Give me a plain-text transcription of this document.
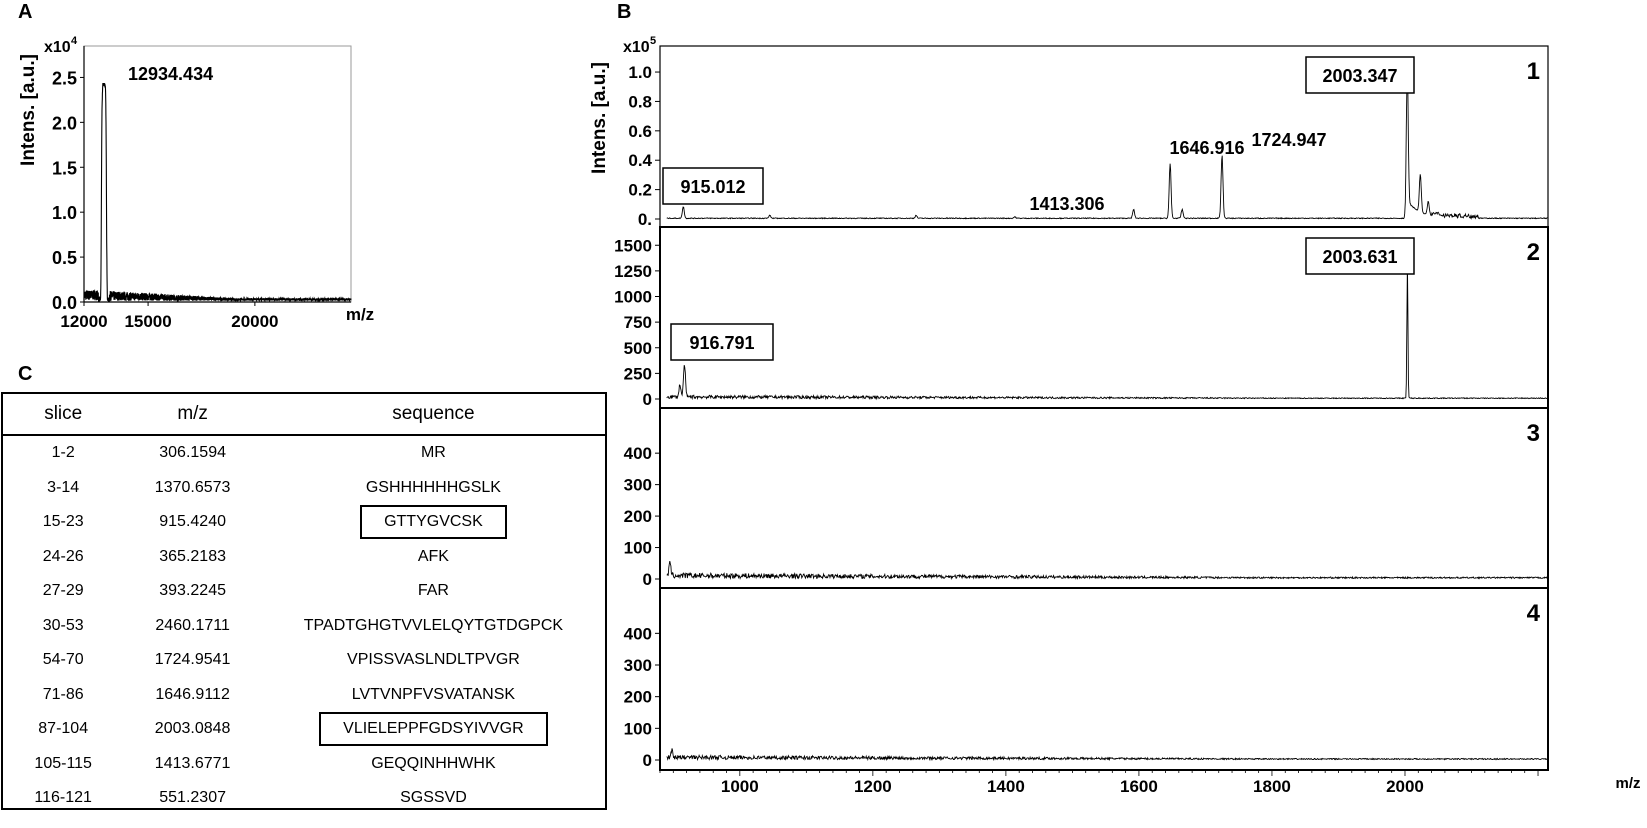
A	B
C
0.0
0.5
1.0
1.5
2.0
2.5
12000 15000	20000
Intens. [a.u.]
x10 4
m/z
12934.434
0.
0.2
0.4
0.6
0.8
1.0	1
x10 5
915.012
1413.306
1646.916 1724.947
2003.347
0
250
500
750
1000
1250
1500	2
916.791
2003.631
0
100
200
300
400
3
0
100
200
300
400
4
Intens. [a.u.]
1000	1200	1400	1600	1800	2000	m/z
slice	m/z	sequence
1-2	306.1594	MR
3-14	1370.6573	GSHHHHHHGSLK
15-23	915.4240	GTTYGVCSK
24-26	365.2183	AFK
27-29	393.2245	FAR
30-53	2460.1711	TPADTGHGTVVLELQYTGTDGPCK
54-70	1724.9541	VPISSVASLNDLTPVGR
71-86	1646.9112	LVTVNPFVSVATANSK
87-104	2003.0848	VLIELEPPFGDSYIVVGR
105-115	1413.6771	GEQQINHHWHK
116-121	551.2307	SGSSVD
